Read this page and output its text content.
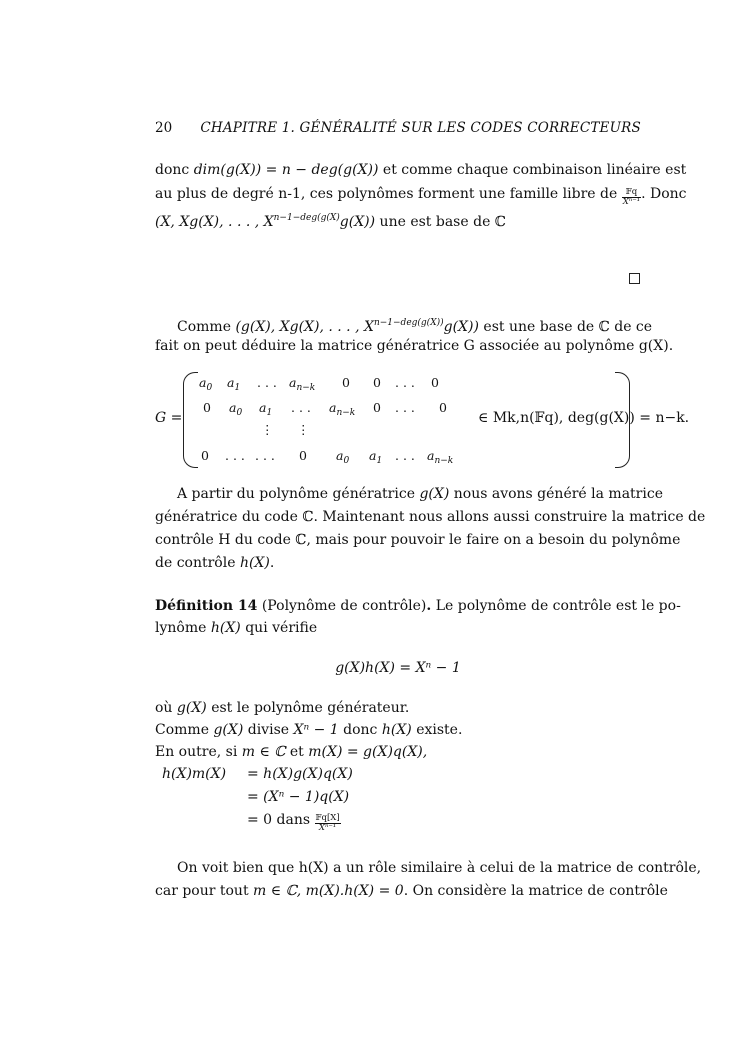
20 CHAPITRE 1. GÉNÉRALITÉ SUR LES CODES CORRECTEURS
donc dim(g(X)) = n − deg(g(X)) et comme chaque combinaison linéaire est
au plus de degré n-1, ces polynômes forment une famille libre de $\frac{\text{𝔽q}}{\text{Xⁿ⁻¹}}$ . Donc
(X, Xg(X), . . . , $X^{n-1-deg(g(X)}g(X)$) une est base de ℂ
Comme (g(X), Xg(X), . . . , $X^{n-1-deg(g(X))}g(X)$) est une base de ℂ de ce
fait on peut déduire la matrice génératrice G associée au polynôme g(X).
G =
$a_0$ $a_1$ . . . $a_{n-k}$ 0 0 . . . 0
0 $a_0$ $a_1$ . . . $a_{n-k}$ 0 . . . 0
⋮ ⋮
0 . . . . . . 0 $a_0$ $a_1$ . . . $a_{n-k}$
∈ Mk,n(𝔽q), deg(g(X)) = n−k.
A partir du polynôme génératrice g(X) nous avons généré la matrice
génératrice du code ℂ. Maintenant nous allons aussi construire la matrice de
contrôle H du code ℂ, mais pour pouvoir le faire on a besoin du polynôme
de contrôle h(X).
Définition 14 (Polynôme de contrôle). Le polynôme de contrôle est le po-
lynôme h(X) qui vérifie
g(X)h(X) = Xⁿ − 1
où g(X) est le polynôme générateur.
Comme g(X) divise Xⁿ − 1 donc h(X) existe.
En outre, si m ∈ ℂ et m(X) = g(X)q(X),
h(X)m(X) = h(X)g(X)q(X)
= (Xⁿ − 1)q(X)
= 0 dans $\frac{\text{𝔽q[X]}}{\text{Xⁿ⁻¹}}$
On voit bien que h(X) a un rôle similaire à celui de la matrice de contrôle,
car pour tout m ∈ ℂ, m(X).h(X) = 0. On considère la matrice de contrôle
